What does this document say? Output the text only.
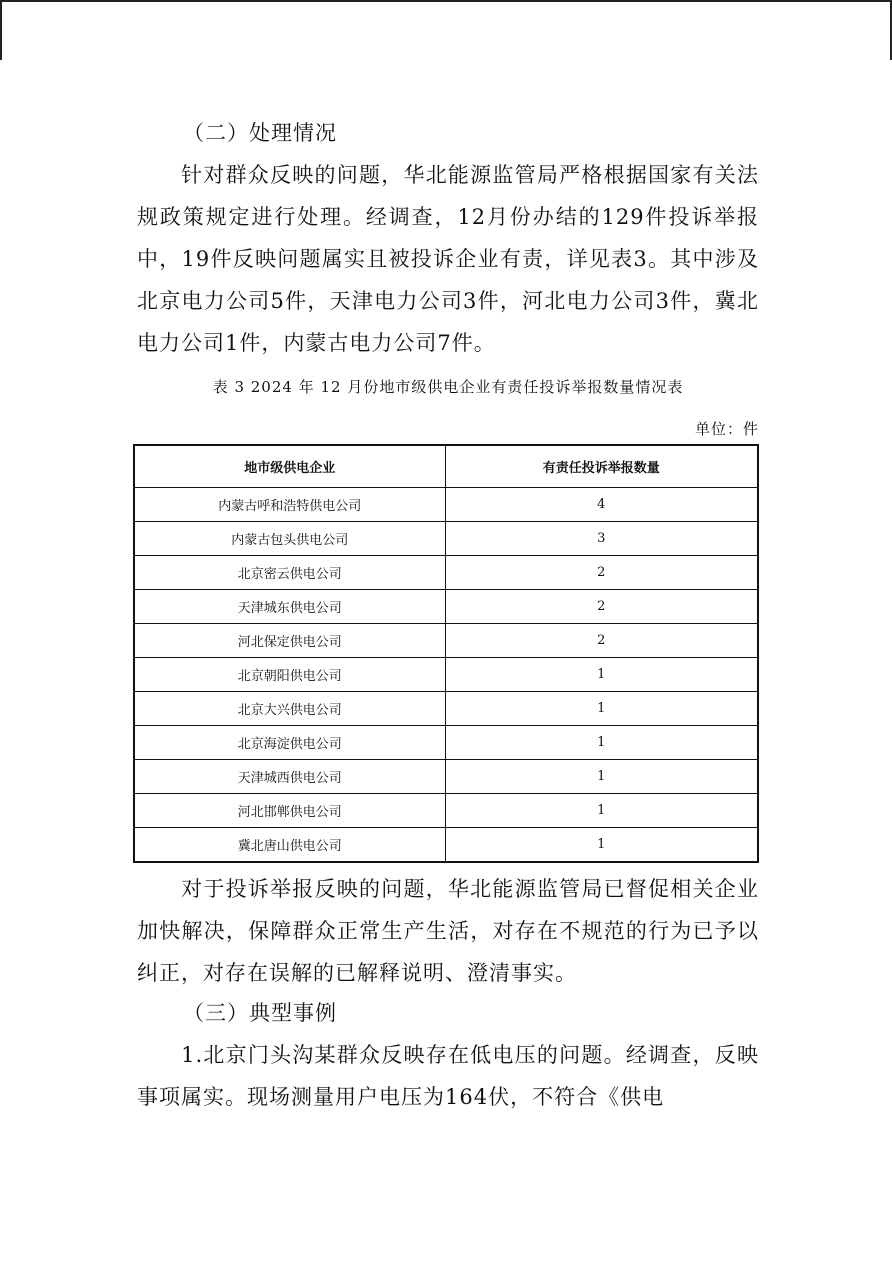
（二）处理情况

针对群众反映的问题，华北能源监管局严格根据国家有关法规政策规定进行处理。经调查，12月份办结的129件投诉举报中，19件反映问题属实且被投诉企业有责，详见表3。其中涉及北京电力公司5件，天津电力公司3件，河北电力公司3件，冀北电力公司1件，内蒙古电力公司7件。

表 3 2024 年 12 月份地市级供电企业有责任投诉举报数量情况表
单位：件
地市级供电企业	有责任投诉举报数量
内蒙古呼和浩特供电公司	4
内蒙古包头供电公司	3
北京密云供电公司	2
天津城东供电公司	2
河北保定供电公司	2
北京朝阳供电公司	1
北京大兴供电公司	1
北京海淀供电公司	1
天津城西供电公司	1
河北邯郸供电公司	1
冀北唐山供电公司	1

对于投诉举报反映的问题，华北能源监管局已督促相关企业加快解决，保障群众正常生产生活，对存在不规范的行为已予以纠正，对存在误解的已解释说明、澄清事实。

（三）典型事例

1.北京门头沟某群众反映存在低电压的问题。经调查，反映事项属实。现场测量用户电压为164伏，不符合《供电
